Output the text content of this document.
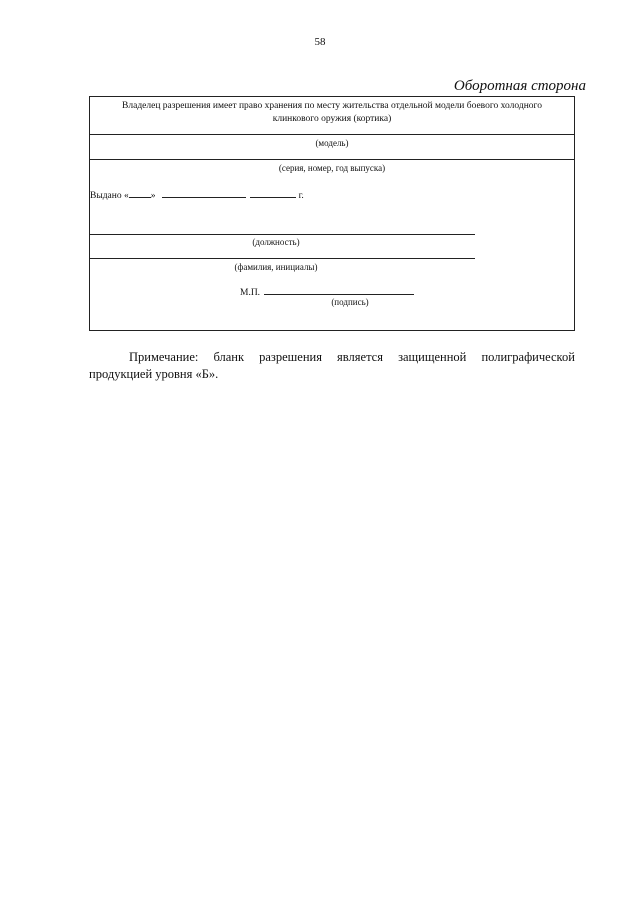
58
Оборотная сторона
Владелец разрешения имеет право хранения по месту жительства отдельной модели боевого холодного
клинкового оружия (кортика)
(модель)
(серия, номер, год выпуска)
Выдано « »	г.
(должность)
(фамилия, инициалы)
М.П.
(подпись)
Примечание: бланк разрешения является защищенной полиграфической
продукцией уровня «Б».
